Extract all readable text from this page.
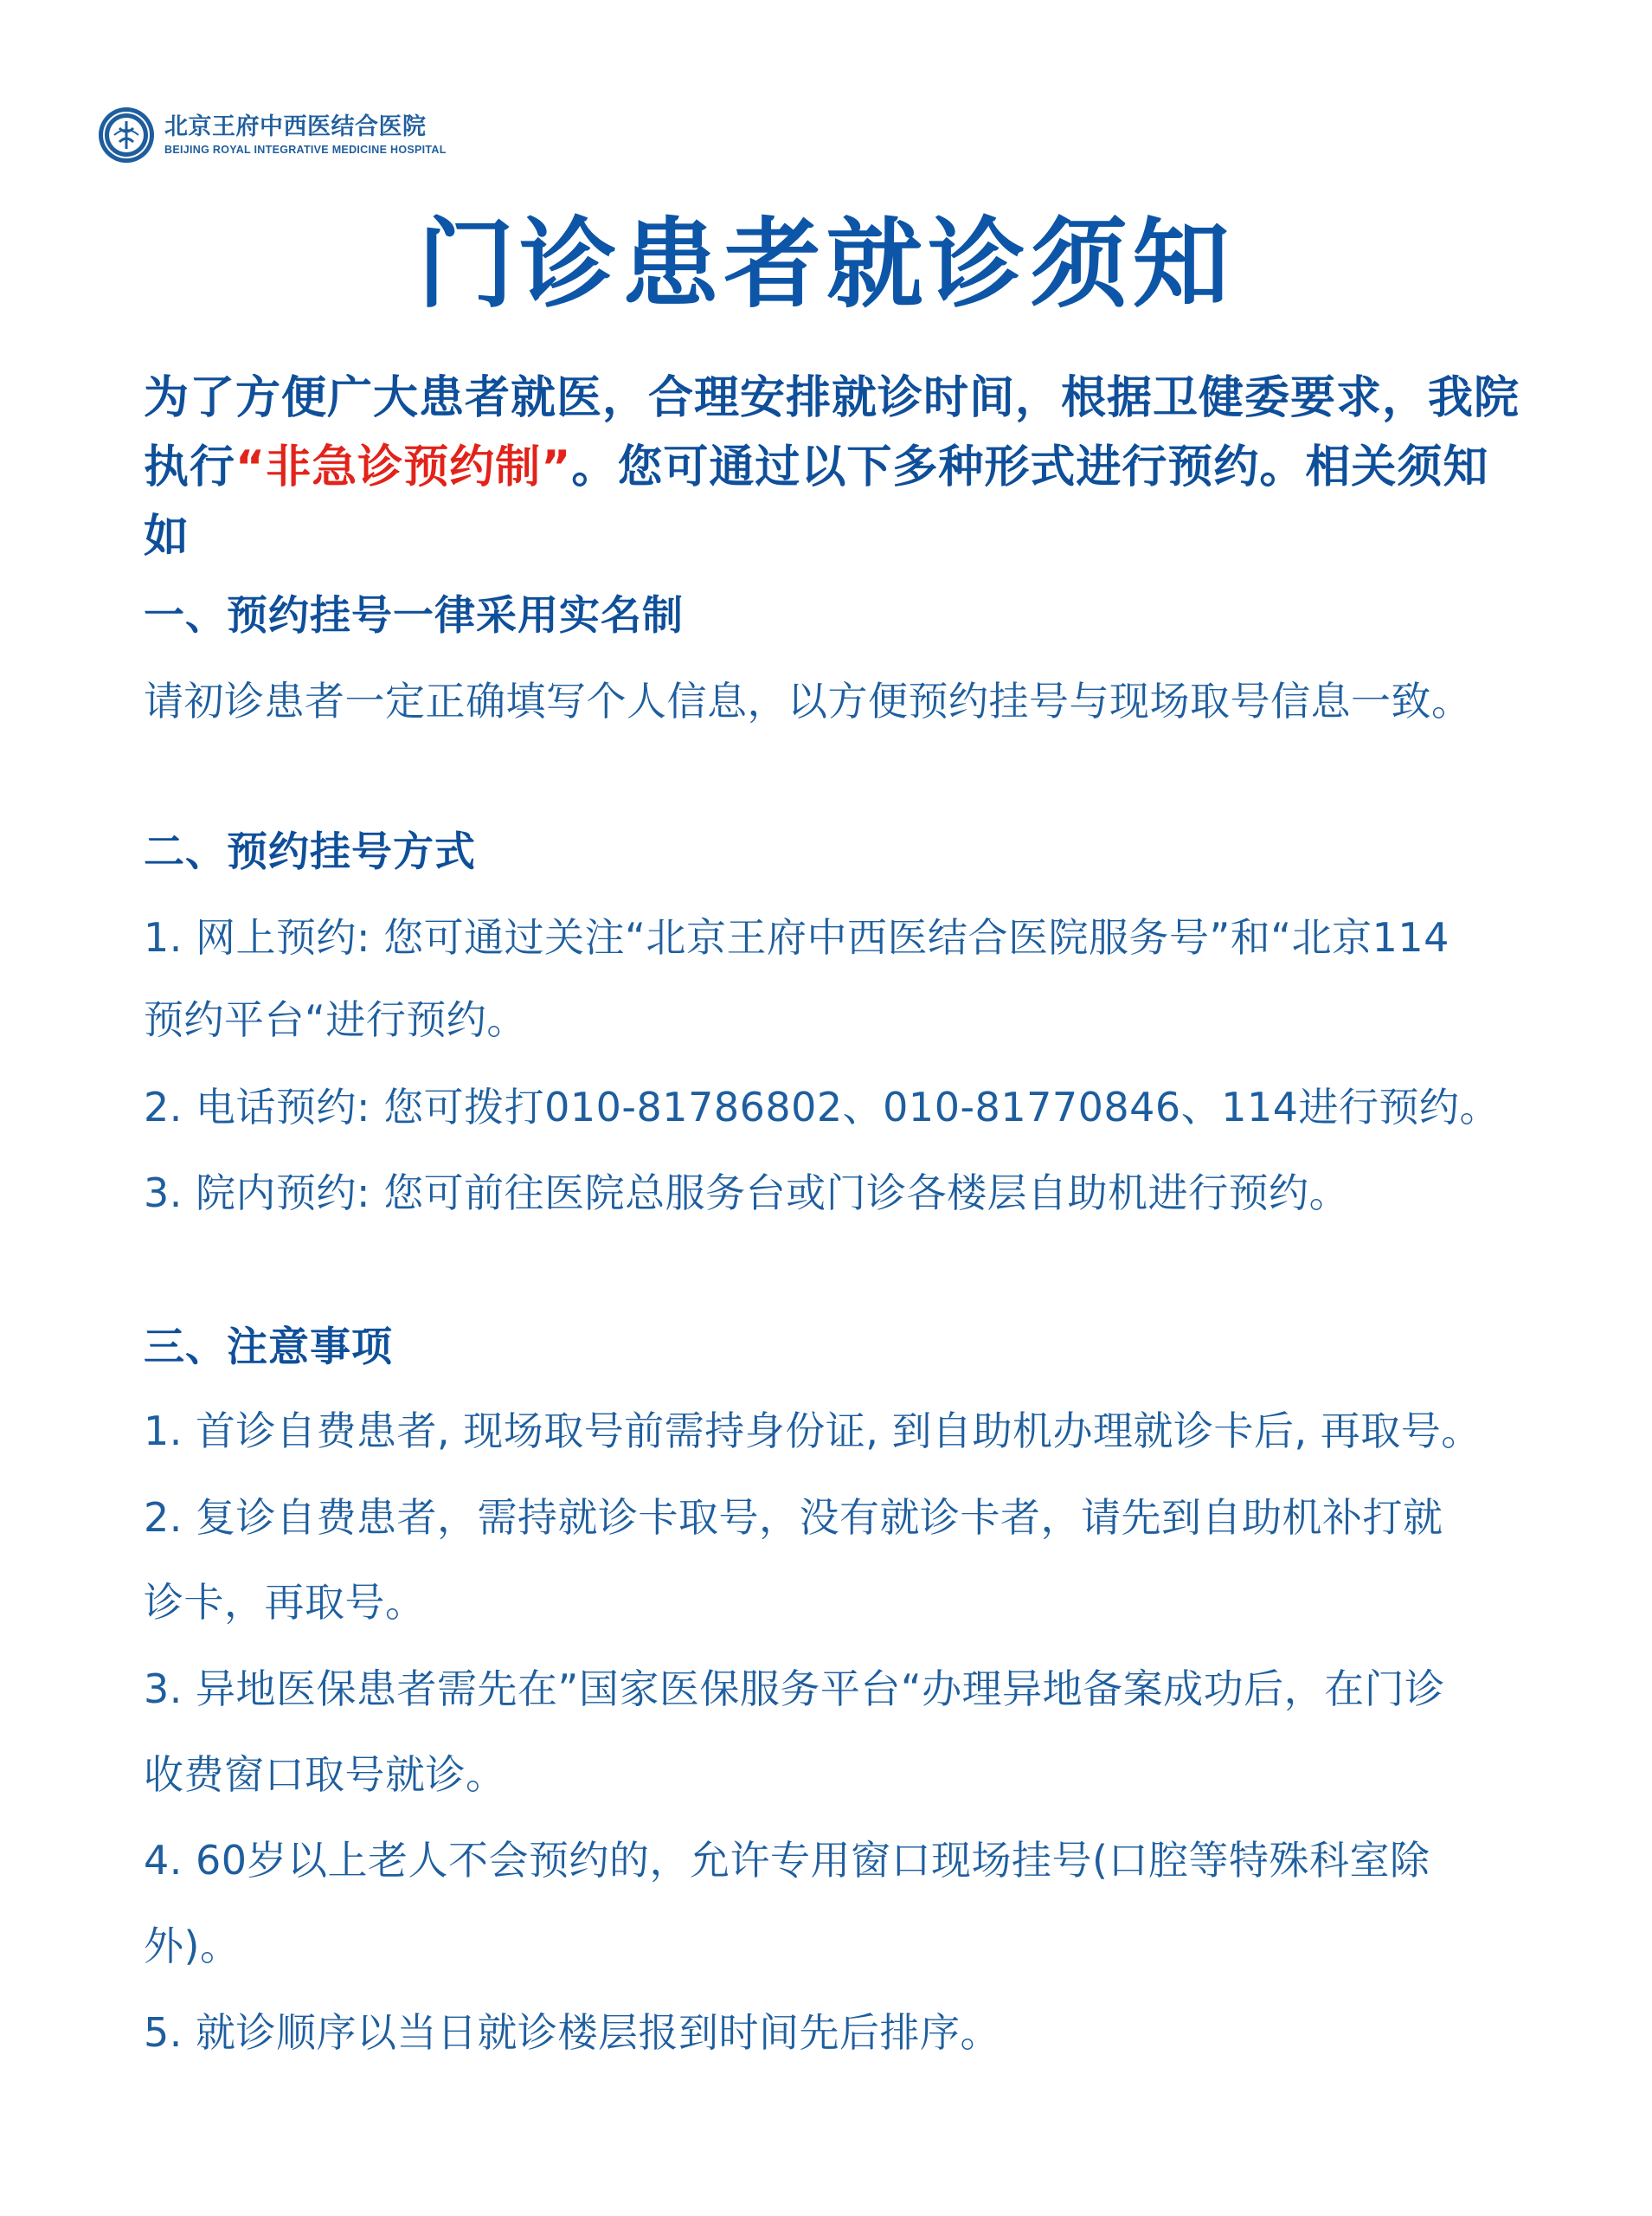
北京王府中西医结合医院
BEIJING ROYAL INTEGRATIVE MEDICINE HOSPITAL
门诊患者就诊须知
为了方便广大患者就医，合理安排就诊时间，根据卫健委要求，我院
执行“非急诊预约制”。您可通过以下多种形式进行预约。相关须知如
一、预约挂号一律采用实名制
请初诊患者一定正确填写个人信息，以方便预约挂号与现场取号信息一致。
二、预约挂号方式
1. 网上预约: 您可通过关注“北京王府中西医结合医院服务号”和“北京114
预约平台“进行预约。
2. 电话预约: 您可拨打010-81786802、010-81770846、114进行预约。
3. 院内预约: 您可前往医院总服务台或门诊各楼层自助机进行预约。
三、注意事项
1. 首诊自费患者, 现场取号前需持身份证, 到自助机办理就诊卡后, 再取号。
2. 复诊自费患者，需持就诊卡取号，没有就诊卡者，请先到自助机补打就
诊卡，再取号。
3. 异地医保患者需先在”国家医保服务平台“办理异地备案成功后，在门诊
收费窗口取号就诊。
4. 60岁以上老人不会预约的，允许专用窗口现场挂号(口腔等特殊科室除
外)。
5. 就诊顺序以当日就诊楼层报到时间先后排序。
